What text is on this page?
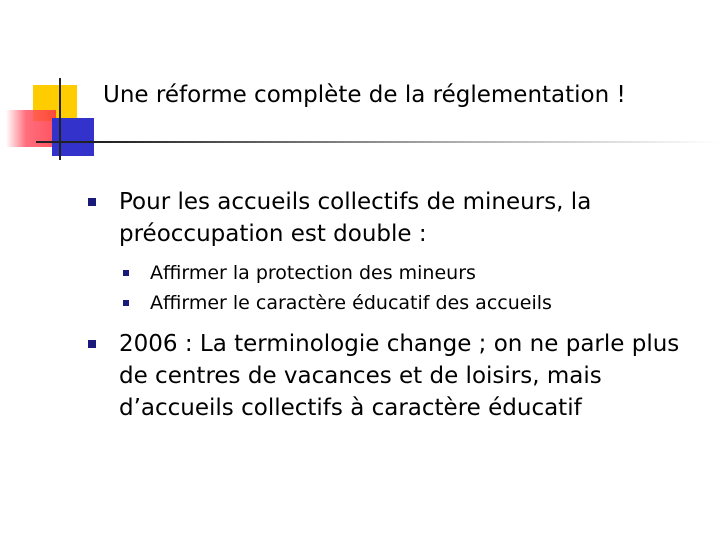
Une réforme complète de la réglementation !
Pour les accueils collectifs de mineurs, la préoccupation est double :
Affirmer la protection des mineurs
Affirmer le caractère éducatif des accueils
2006 : La terminologie change ; on ne parle plus de centres de vacances et de loisirs, mais d’accueils collectifs à caractère éducatif
